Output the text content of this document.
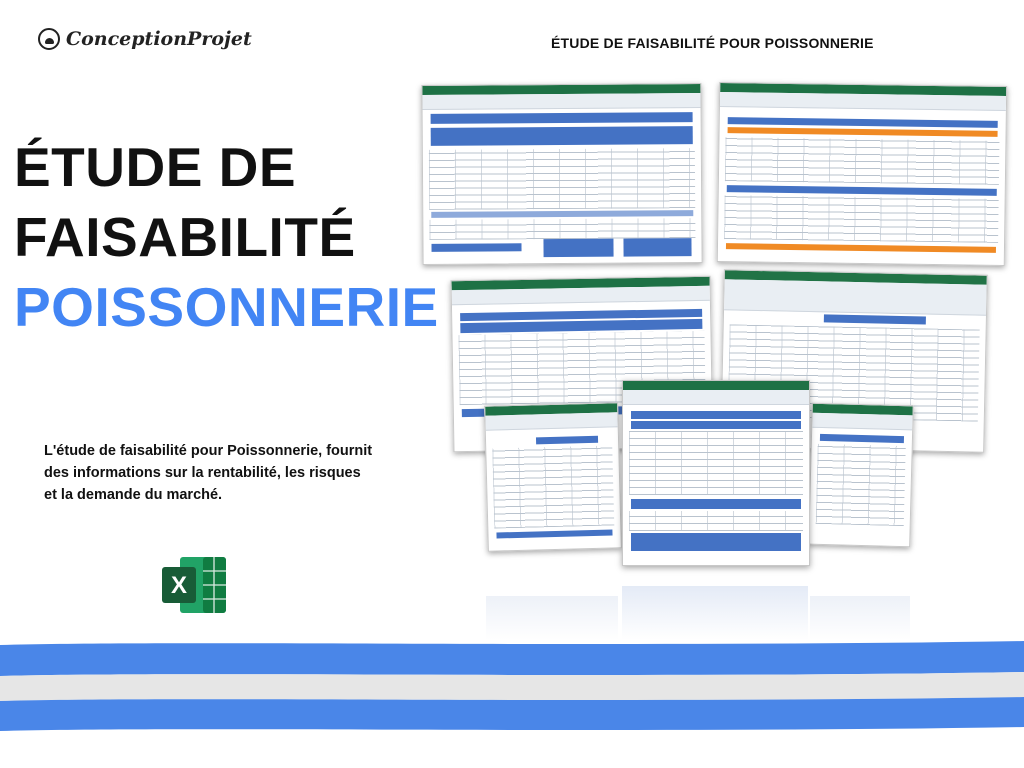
ConceptionProjet	ÉTUDE DE FAISABILITÉ POUR POISSONNERIE
ÉTUDE DE
FAISABILITÉ
POISSONNERIE
L'étude de faisabilité pour Poissonnerie, fournit des informations sur la rentabilité, les risques et la demande du marché.
X
